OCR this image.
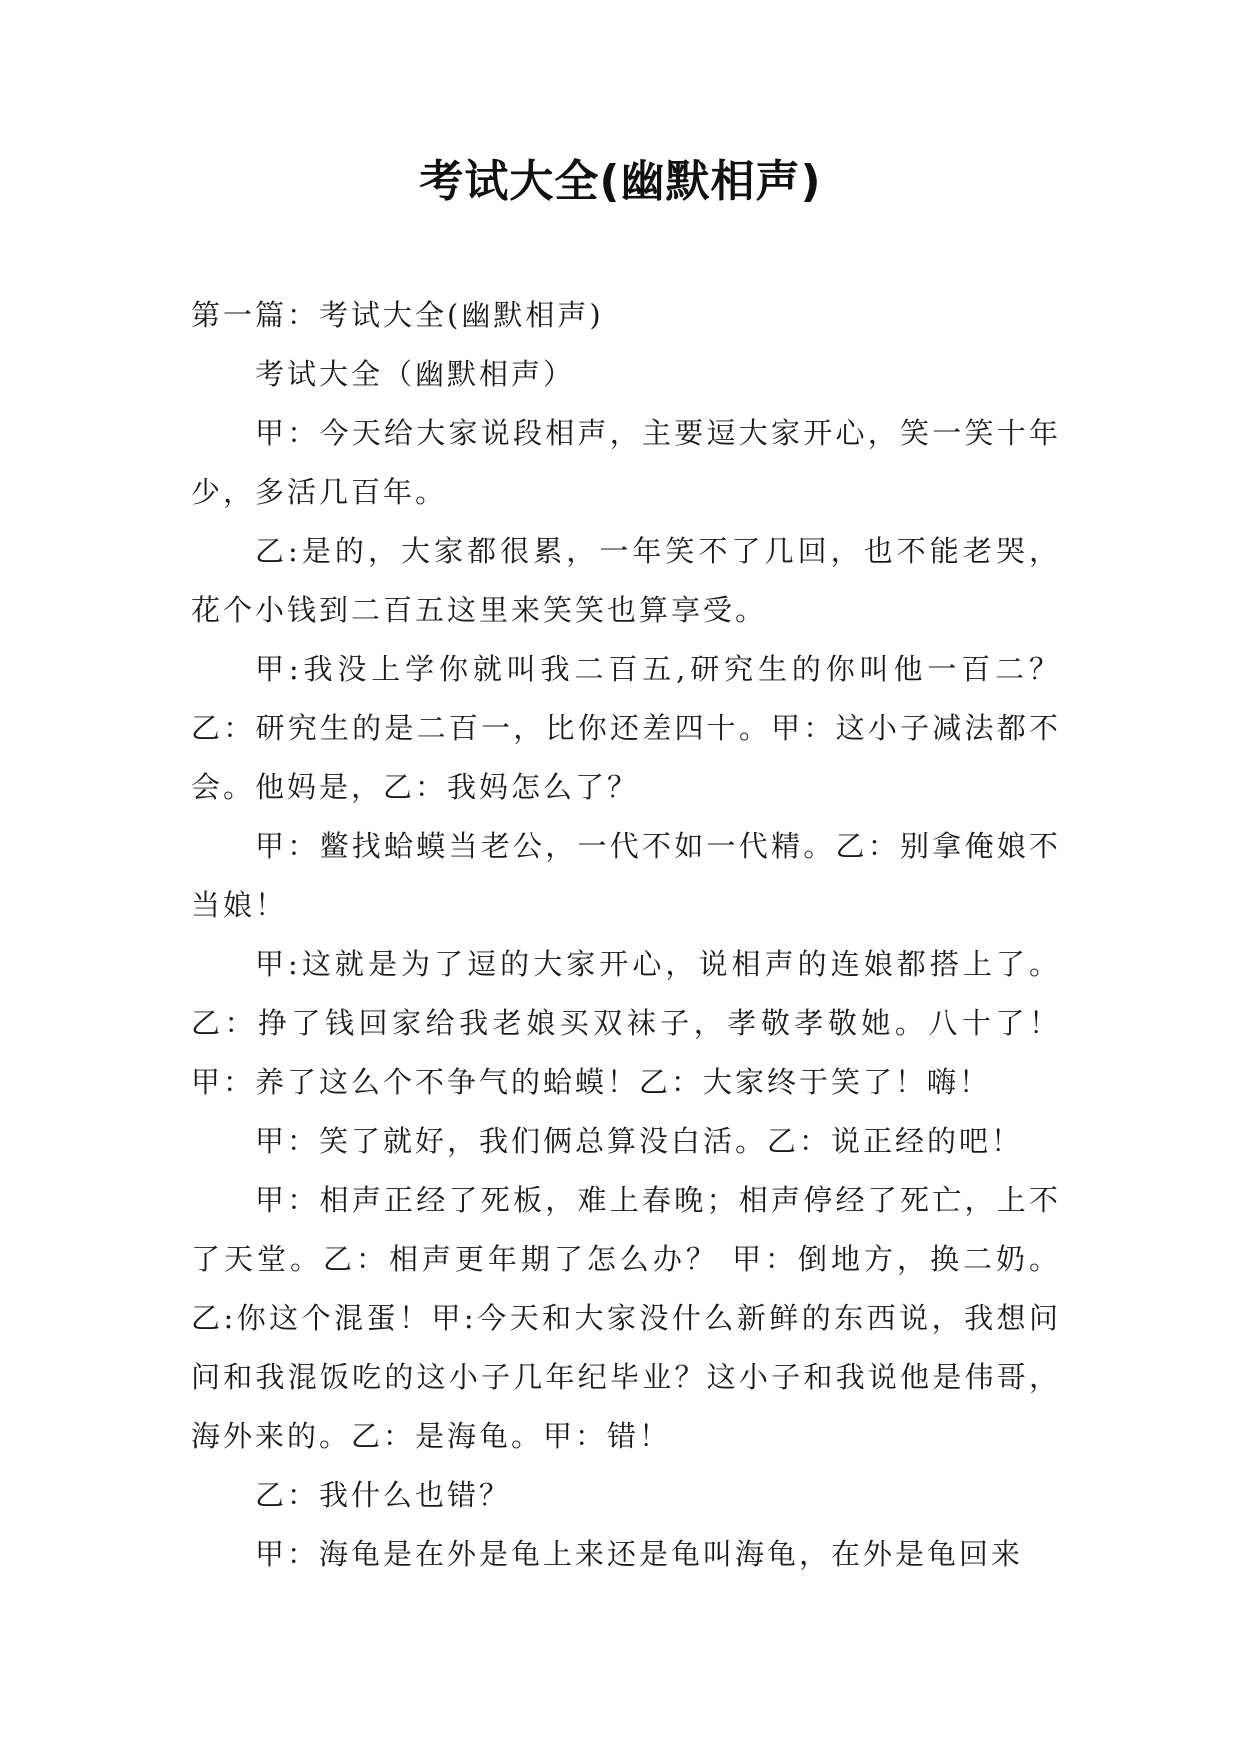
考试大全(幽默相声)

第一篇：考试大全(幽默相声)

考试大全（幽默相声）

甲：今天给大家说段相声，主要逗大家开心，笑一笑十年少，多活几百年。

乙:是的，大家都很累，一年笑不了几回，也不能老哭，花个小钱到二百五这里来笑笑也算享受。

甲:我没上学你就叫我二百五,研究生的你叫他一百二？乙：研究生的是二百一，比你还差四十。甲：这小子减法都不会。他妈是，乙：我妈怎么了？

甲：鳖找蛤蟆当老公，一代不如一代精。乙：别拿俺娘不当娘！

甲:这就是为了逗的大家开心，说相声的连娘都搭上了。乙：挣了钱回家给我老娘买双袜子，孝敬孝敬她。八十了！甲：养了这么个不争气的蛤蟆！乙：大家终于笑了！嗨！

甲：笑了就好，我们俩总算没白活。乙：说正经的吧！

甲：相声正经了死板，难上春晚；相声停经了死亡，上不了天堂。乙：相声更年期了怎么办？ 甲：倒地方，换二奶。乙:你这个混蛋！甲:今天和大家没什么新鲜的东西说，我想问问和我混饭吃的这小子几年纪毕业？这小子和我说他是伟哥，海外来的。乙：是海龟。甲：错！

乙：我什么也错？

甲：海龟是在外是龟上来还是龟叫海龟，在外是龟回来
